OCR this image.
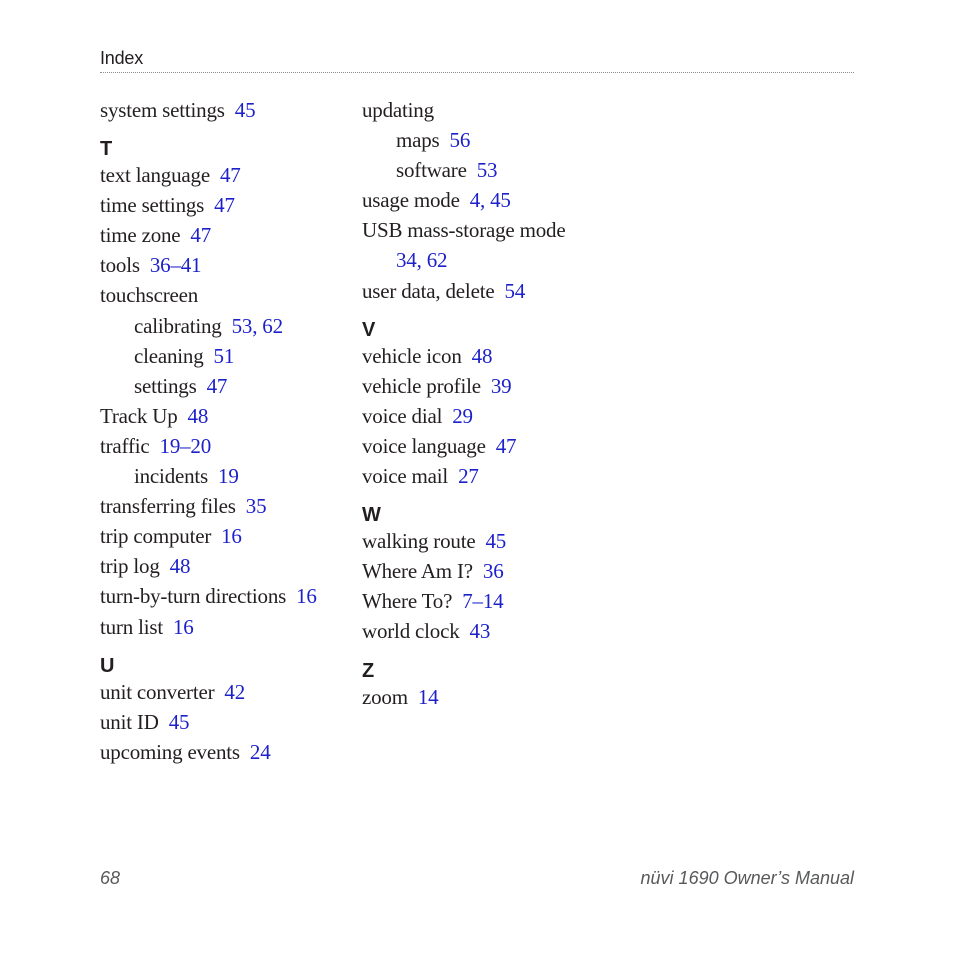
Index
system settings 45
T
text language 47
time settings 47
time zone 47
tools 36–41
touchscreen
calibrating 53, 62
cleaning 51
settings 47
Track Up 48
traffic 19–20
incidents 19
transferring files 35
trip computer 16
trip log 48
turn-by-turn directions 16
turn list 16
U
unit converter 42
unit ID 45
upcoming events 24
updating
maps 56
software 53
usage mode 4, 45
USB mass-storage mode
34, 62
user data, delete 54
V
vehicle icon 48
vehicle profile 39
voice dial 29
voice language 47
voice mail 27
W
walking route 45
Where Am I? 36
Where To? 7–14
world clock 43
Z
zoom 14
68	nüvi 1690 Owner’s Manual
